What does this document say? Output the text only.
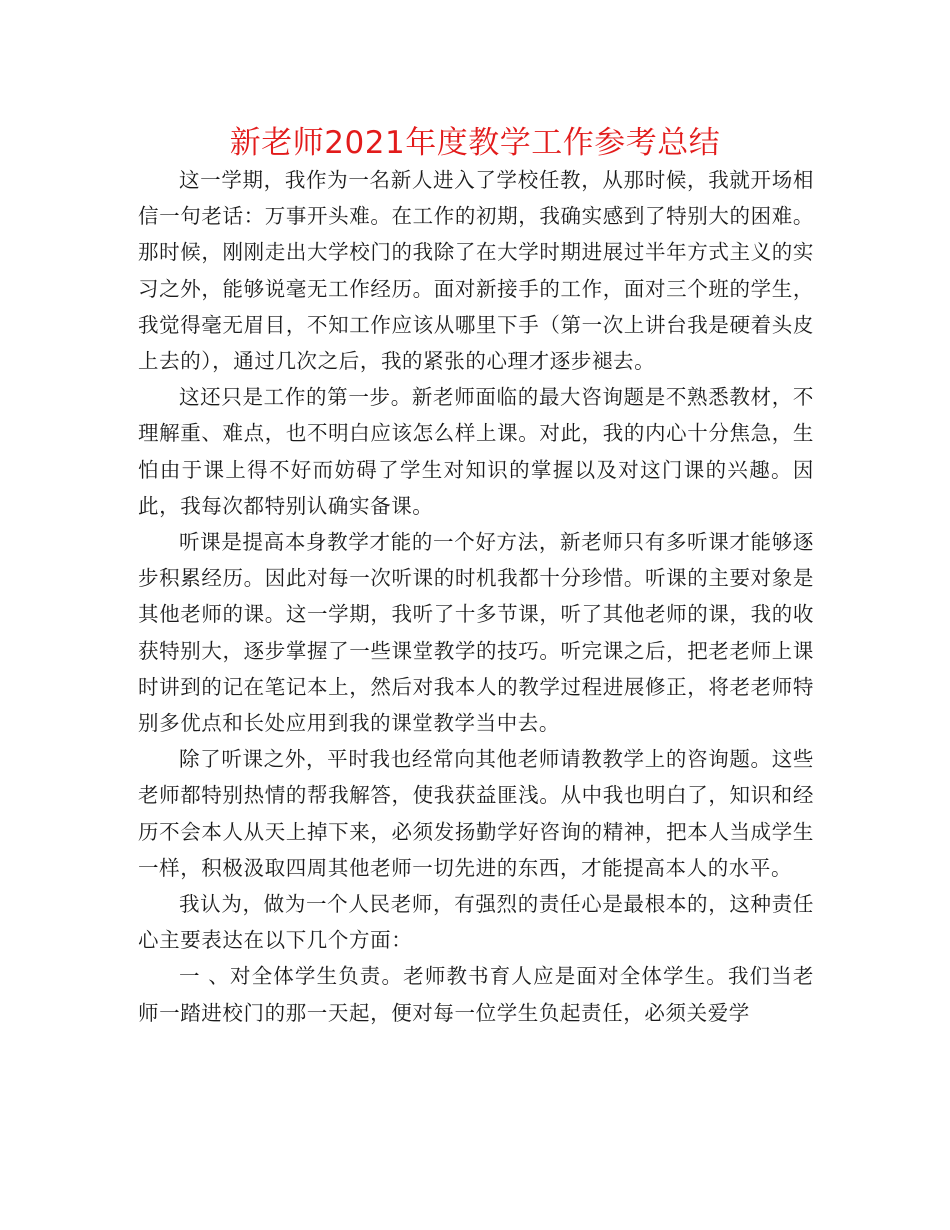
新老师2021年度教学工作参考总结

这一学期，我作为一名新人进入了学校任教，从那时候，我就开场相信一句老话：万事开头难。在工作的初期，我确实感到了特别大的困难。那时候，刚刚走出大学校门的我除了在大学时期进展过半年方式主义的实习之外，能够说毫无工作经历。面对新接手的工作，面对三个班的学生，我觉得毫无眉目，不知工作应该从哪里下手（第一次上讲台我是硬着头皮上去的），通过几次之后，我的紧张的心理才逐步褪去。

这还只是工作的第一步。新老师面临的最大咨询题是不熟悉教材，不理解重、难点，也不明白应该怎么样上课。对此，我的内心十分焦急，生怕由于课上得不好而妨碍了学生对知识的掌握以及对这门课的兴趣。因此，我每次都特别认确实备课。

听课是提高本身教学才能的一个好方法，新老师只有多听课才能够逐步积累经历。因此对每一次听课的时机我都十分珍惜。听课的主要对象是其他老师的课。这一学期，我听了十多节课，听了其他老师的课，我的收获特别大，逐步掌握了一些课堂教学的技巧。听完课之后，把老老师上课时讲到的记在笔记本上，然后对我本人的教学过程进展修正，将老老师特别多优点和长处应用到我的课堂教学当中去。

除了听课之外，平时我也经常向其他老师请教教学上的咨询题。这些老师都特别热情的帮我解答，使我获益匪浅。从中我也明白了，知识和经历不会本人从天上掉下来，必须发扬勤学好咨询的精神，把本人当成学生一样，积极汲取四周其他老师一切先进的东西，才能提高本人的水平。

我认为，做为一个人民老师，有强烈的责任心是最根本的，这种责任心主要表达在以下几个方面：

一 、对全体学生负责。老师教书育人应是面对全体学生。我们当老师一踏进校门的那一天起，便对每一位学生负起责任，必须关爱学
